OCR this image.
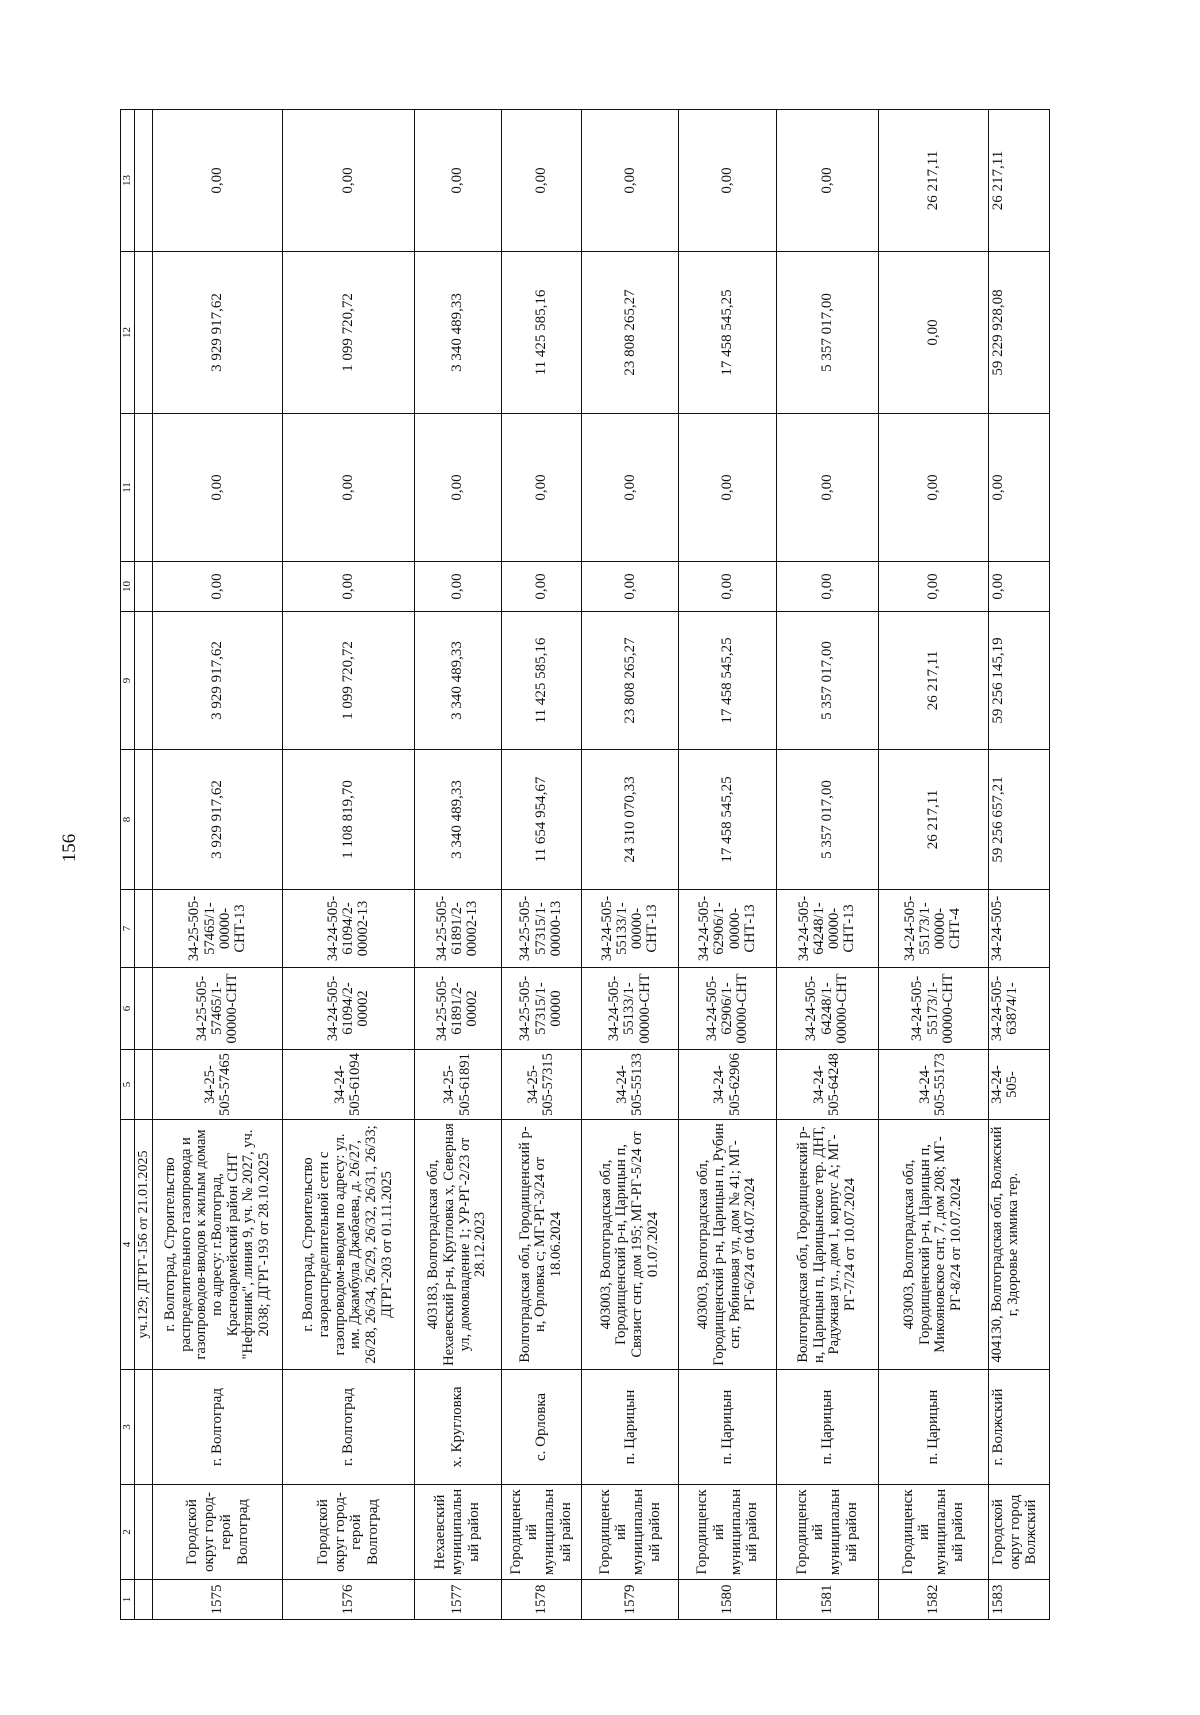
156
1	2	3	4	5	6	7	8	9	10	11	12	13
			уч.129; ДГРГ-156 от 21.01.2025									
1575	Городской округ город-герой Волгоград	г. Волгоград	г. Волгоград, Строительство распределительного газопровода и газопроводов-вводов к жилым домам по адресу: г.Волгоград, Красноармейский район СНТ "Нефтяник", линия 9, уч. № 2027, уч. 2038; ДГРГ-193 от 28.10.2025	34-25-505-57465	34-25-505-57465/1-00000-СНТ	34-25-505-57465/1-00000-СНТ-13	3 929 917,62	3 929 917,62	0,00	0,00	3 929 917,62	0,00
1576	Городской округ город-герой Волгоград	г. Волгоград	г. Волгоград, Строительство газораспределительной сети с газопроводом-вводом по адресу: ул. им. Джамбула Джабаева, д. 26/27, 26/28, 26/34, 26/29, 26/32, 26/31, 26/33; ДГРГ-203 от 01.11.2025	34-24-505-61094	34-24-505-61094/2-00002	34-24-505-61094/2-00002-13	1 108 819,70	1 099 720,72	0,00	0,00	1 099 720,72	0,00
1577	Нехаевский муниципальный район	х. Кругловка	403183, Волгоградская обл, Нехаевский р-н, Кругловка х, Северная ул, домовладение 1; УР-РГ-2/23 от 28.12.2023	34-25-505-61891	34-25-505-61891/2-00002	34-25-505-61891/2-00002-13	3 340 489,33	3 340 489,33	0,00	0,00	3 340 489,33	0,00
1578	Городищенский муниципальный район	с. Орловка	Волгоградская обл, Городищенский р-н, Орловка с; МГ-РГ-3/24 от 18.06.2024	34-25-505-57315	34-25-505-57315/1-00000	34-25-505-57315/1-00000-13	11 654 954,67	11 425 585,16	0,00	0,00	11 425 585,16	0,00
1579	Городищенский муниципальный район	п. Царицын	403003, Волгоградская обл, Городищенский р-н, Царицын п, Связист снт, дом 195; МГ-РГ-5/24 от 01.07.2024	34-24-505-55133	34-24-505-55133/1-00000-СНТ	34-24-505-55133/1-00000-СНТ-13	24 310 070,33	23 808 265,27	0,00	0,00	23 808 265,27	0,00
1580	Городищенский муниципальный район	п. Царицын	403003, Волгоградская обл, Городищенский р-н, Царицын п, Рубин снт, Рябиновая ул, дом № 41; МГ-РГ-6/24 от 04.07.2024	34-24-505-62906	34-24-505-62906/1-00000-СНТ	34-24-505-62906/1-00000-СНТ-13	17 458 545,25	17 458 545,25	0,00	0,00	17 458 545,25	0,00
1581	Городищенский муниципальный район	п. Царицын	Волгоградская обл, Городищенский р-н, Царицын п, Царицынское тер. ДНТ, Радужная ул., дом 1, корпус А; МГ-РГ-7/24 от 10.07.2024	34-24-505-64248	34-24-505-64248/1-00000-СНТ	34-24-505-64248/1-00000-СНТ-13	5 357 017,00	5 357 017,00	0,00	0,00	5 357 017,00	0,00
1582	Городищенский муниципальный район	п. Царицын	403003, Волгоградская обл, Городищенский р-н, Царицын п, Микояновское снт, 7, дом 208; МГ-РГ-8/24 от 10.07.2024	34-24-505-55173	34-24-505-55173/1-00000-СНТ	34-24-505-55173/1-00000-СНТ-4	26 217,11	26 217,11	0,00	0,00	0,00	26 217,11
1583	Городской округ город Волжский	г. Волжский	404130, Волгоградская обл, Волжский г, Здоровье химика тер.	34-24-505-	34-24-505-63874/1-	34-24-505-	59 256 657,21	59 256 145,19	0,00	0,00	59 229 928,08	26 217,11
